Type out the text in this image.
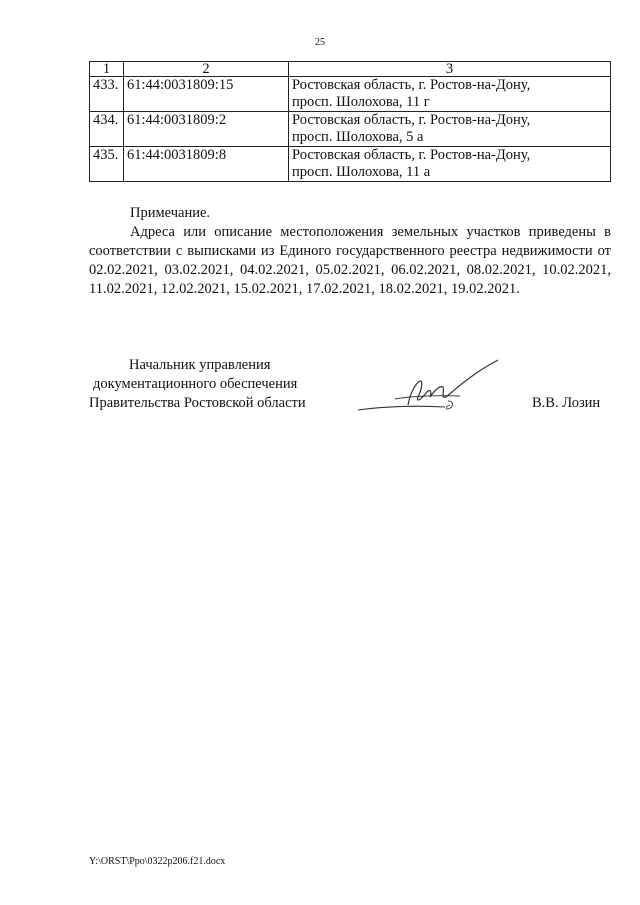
25
1	2	3
433.	61:44:0031809:15	Ростовская область, г. Ростов-на-Дону,
просп. Шолохова, 11 г

434.	61:44:0031809:2	Ростовская область, г. Ростов-на-Дону,
просп. Шолохова, 5 а

435.	61:44:0031809:8	Ростовская область, г. Ростов-на-Дону,
просп. Шолохова, 11 а
Примечание.

Адреса или описание местоположения земельных участков приведены в соответствии с выписками из Единого государственного реестра недвижимости от 02.02.2021, 03.02.2021, 04.02.2021, 05.02.2021, 06.02.2021, 08.02.2021, 10.02.2021, 11.02.2021, 12.02.2021, 15.02.2021, 17.02.2021, 18.02.2021, 19.02.2021.

Начальник управления
документационного обеспечения
Правительства Ростовской области	В.В. Лозин
Y:\ORST\Ppo\0322p206.f21.docx
